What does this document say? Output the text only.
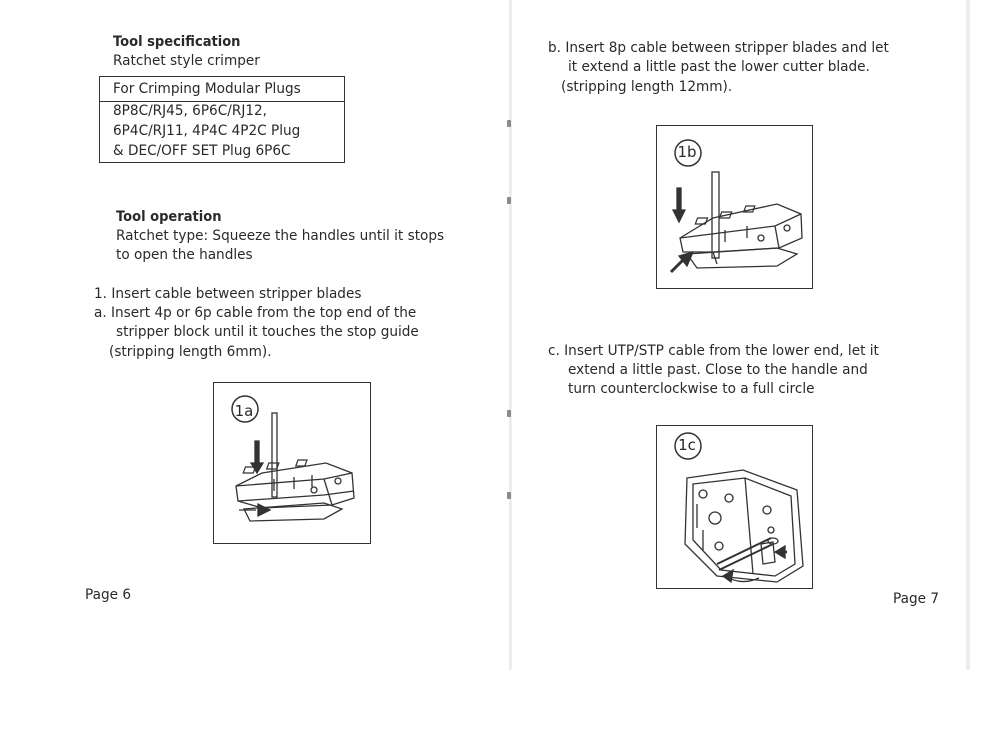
Tool specification
Ratchet style crimper
For Crimping Modular Plugs
8P8C/RJ45, 6P6C/RJ12,
6P4C/RJ11, 4P4C 4P2C Plug
& DEC/OFF SET Plug 6P6C
Tool operation
Ratchet type: Squeeze the handles until it stops
to open the handles
1. Insert cable between stripper blades
a. Insert 4p or 6p cable from the top end of the
stripper block until it touches the stop guide
(stripping length 6mm).
1a
Page 6
b. Insert 8p cable between stripper blades and let
it extend a little past the lower cutter blade.
(stripping length 12mm).
1b
c. Insert UTP/STP cable from the lower end, let it
extend a little past. Close to the handle and
turn counterclockwise to a full circle
1c
Page 7
